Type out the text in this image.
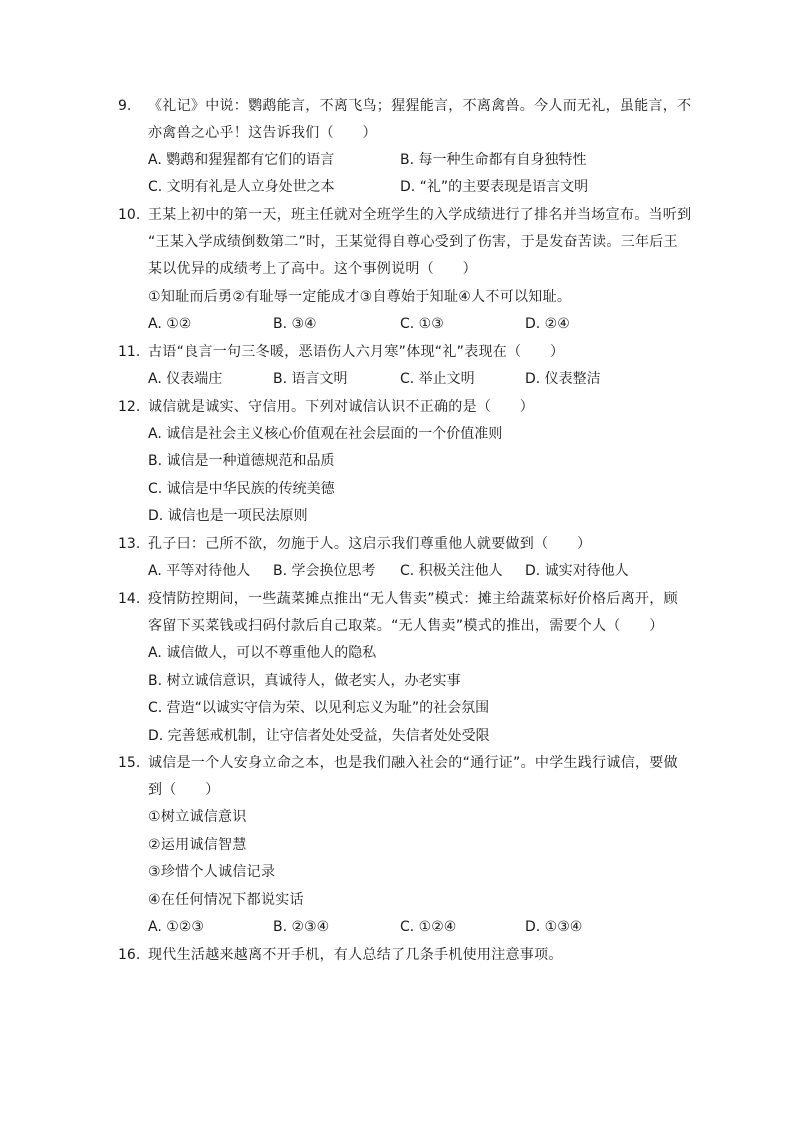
9. 《礼记》中说：鹦鹉能言，不离飞鸟；猩猩能言，不离禽兽。今人而无礼，虽能言，不
亦禽兽之心乎！这告诉我们（　　）
A. 鹦鹉和猩猩都有它们的语言	B. 每一种生命都有自身独特性
C. 文明有礼是人立身处世之本	D. “礼”的主要表现是语言文明
10. 王某上初中的第一天，班主任就对全班学生的入学成绩进行了排名并当场宣布。当听到
“王某入学成绩倒数第二”时，王某觉得自尊心受到了伤害，于是发奋苦读。三年后王
某以优异的成绩考上了高中。这个事例说明（　　）
①知耻而后勇②有耻辱一定能成才③自尊始于知耻④人不可以知耻。
A. ①②	B. ③④	C. ①③	D. ②④
11. 古语“良言一句三冬暖，恶语伤人六月寒”体现“礼”表现在（　　）
A. 仪表端庄	B. 语言文明	C. 举止文明	D. 仪表整洁
12. 诚信就是诚实、守信用。下列对诚信认识不正确的是（　　）
A. 诚信是社会主义核心价值观在社会层面的一个价值准则
B. 诚信是一种道德规范和品质
C. 诚信是中华民族的传统美德
D. 诚信也是一项民法原则
13. 孔子曰：己所不欲，勿施于人。这启示我们尊重他人就要做到（　　）
A. 平等对待他人 B. 学会换位思考 C. 积极关注他人 D. 诚实对待他人
14. 疫情防控期间，一些蔬菜摊点推出“无人售卖”模式：摊主给蔬菜标好价格后离开，顾
客留下买菜钱或扫码付款后自己取菜。“无人售卖”模式的推出，需要个人（　　）
A. 诚信做人，可以不尊重他人的隐私
B. 树立诚信意识，真诚待人，做老实人，办老实事
C. 营造“以诚实守信为荣、以见利忘义为耻”的社会氛围
D. 完善惩戒机制，让守信者处处受益，失信者处处受限
15. 诚信是一个人安身立命之本，也是我们融入社会的“通行证”。中学生践行诚信，要做
到（　　）
①树立诚信意识
②运用诚信智慧
③珍惜个人诚信记录
④在任何情况下都说实话
A. ①②③	B. ②③④	C. ①②④	D. ①③④
16. 现代生活越来越离不开手机，有人总结了几条手机使用注意事项。
